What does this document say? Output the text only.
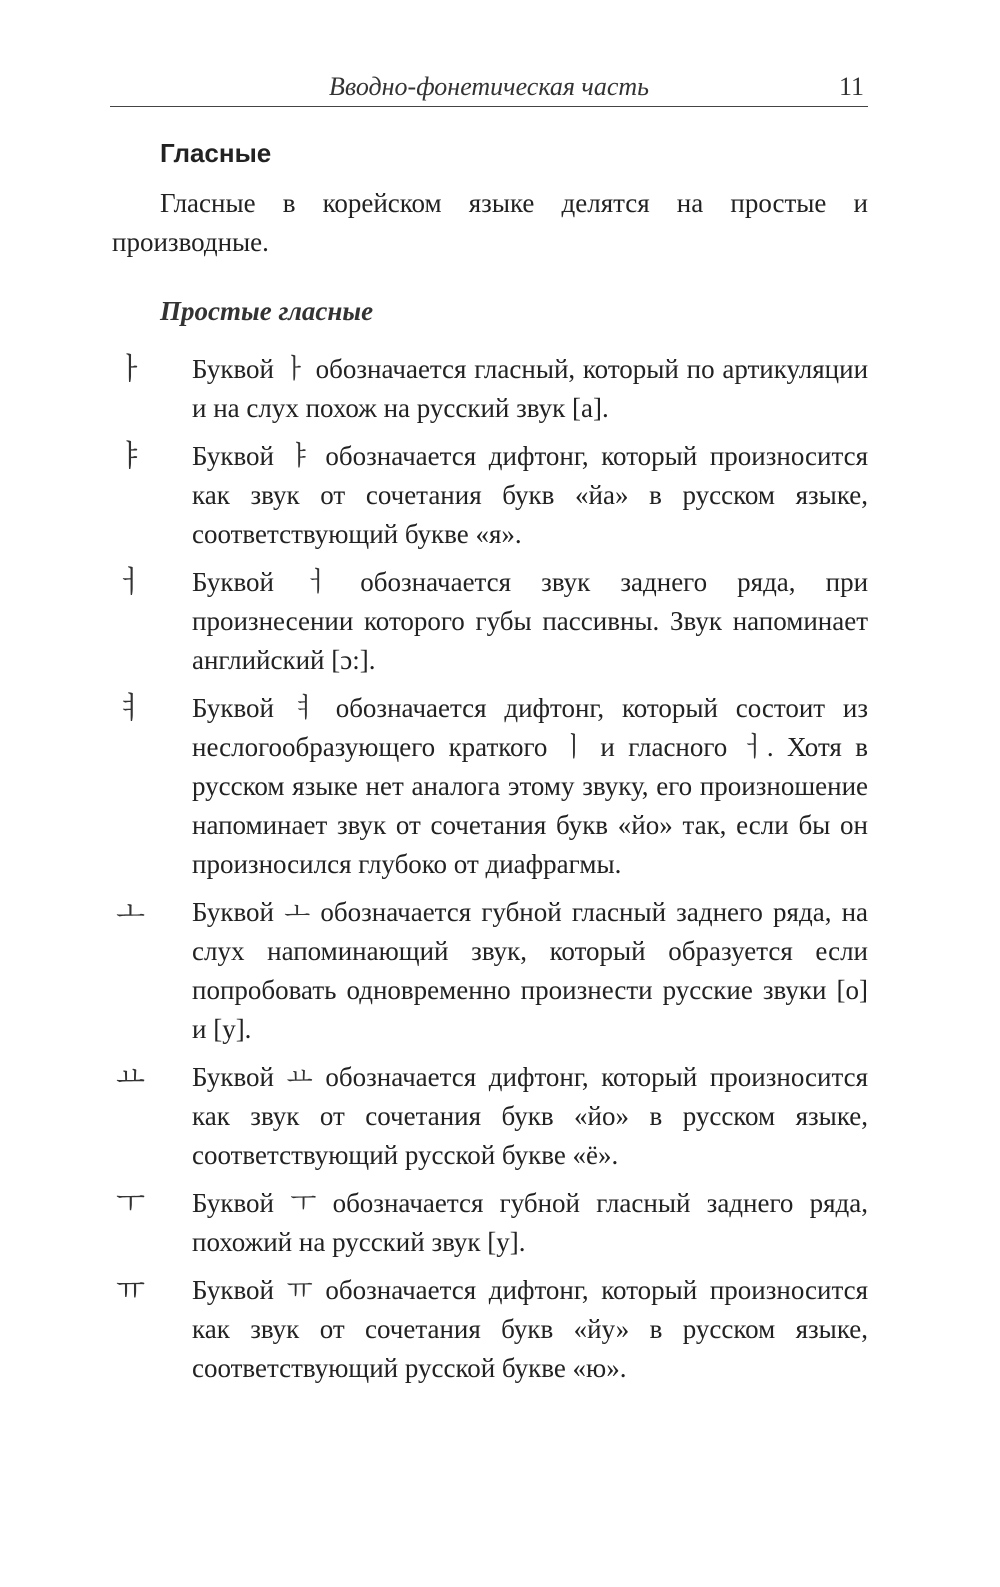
Вводно-фонетическая часть	11
Гласные

Гласные в корейском языке делятся на простые и производные.

Простые гласные
ㅏ	Буквой ㅏ обозначается гласный, который по артикуляции и на слух похож на русский звук [а].

ㅑ	Буквой ㅑ обозначается дифтонг, который произносится как звук от сочетания букв «йа» в русском языке, соответствующий букве «я».

ㅓ	Буквой ㅓ обозначается звук заднего ряда, при произнесении которого губы пассивны. Звук напоминает английский [ɔ:].

ㅕ	Буквой ㅕ обозначается дифтонг, который состоит из неслогообразующего краткого ㅣ и гласного ㅓ. Хотя в русском языке нет аналога этому звуку, его произношение напоминает звук от сочетания букв «йо» так, если бы он произносился глубоко от диафрагмы.

ㅗ	Буквой ㅗ обозначается губной гласный заднего ряда, на слух напоминающий звук, который образуется если попробовать одновременно произнести русские звуки [о] и [у].

ㅛ	Буквой ㅛ обозначается дифтонг, который произносится как звук от сочетания букв «йо» в русском языке, соответствующий русской букве «ё».

ㅜ	Буквой ㅜ обозначается губной гласный заднего ряда, похожий на русский звук [у].

ㅠ	Буквой ㅠ обозначается дифтонг, который произносится как звук от сочетания букв «йу» в русском языке, соответствующий русской букве «ю».
